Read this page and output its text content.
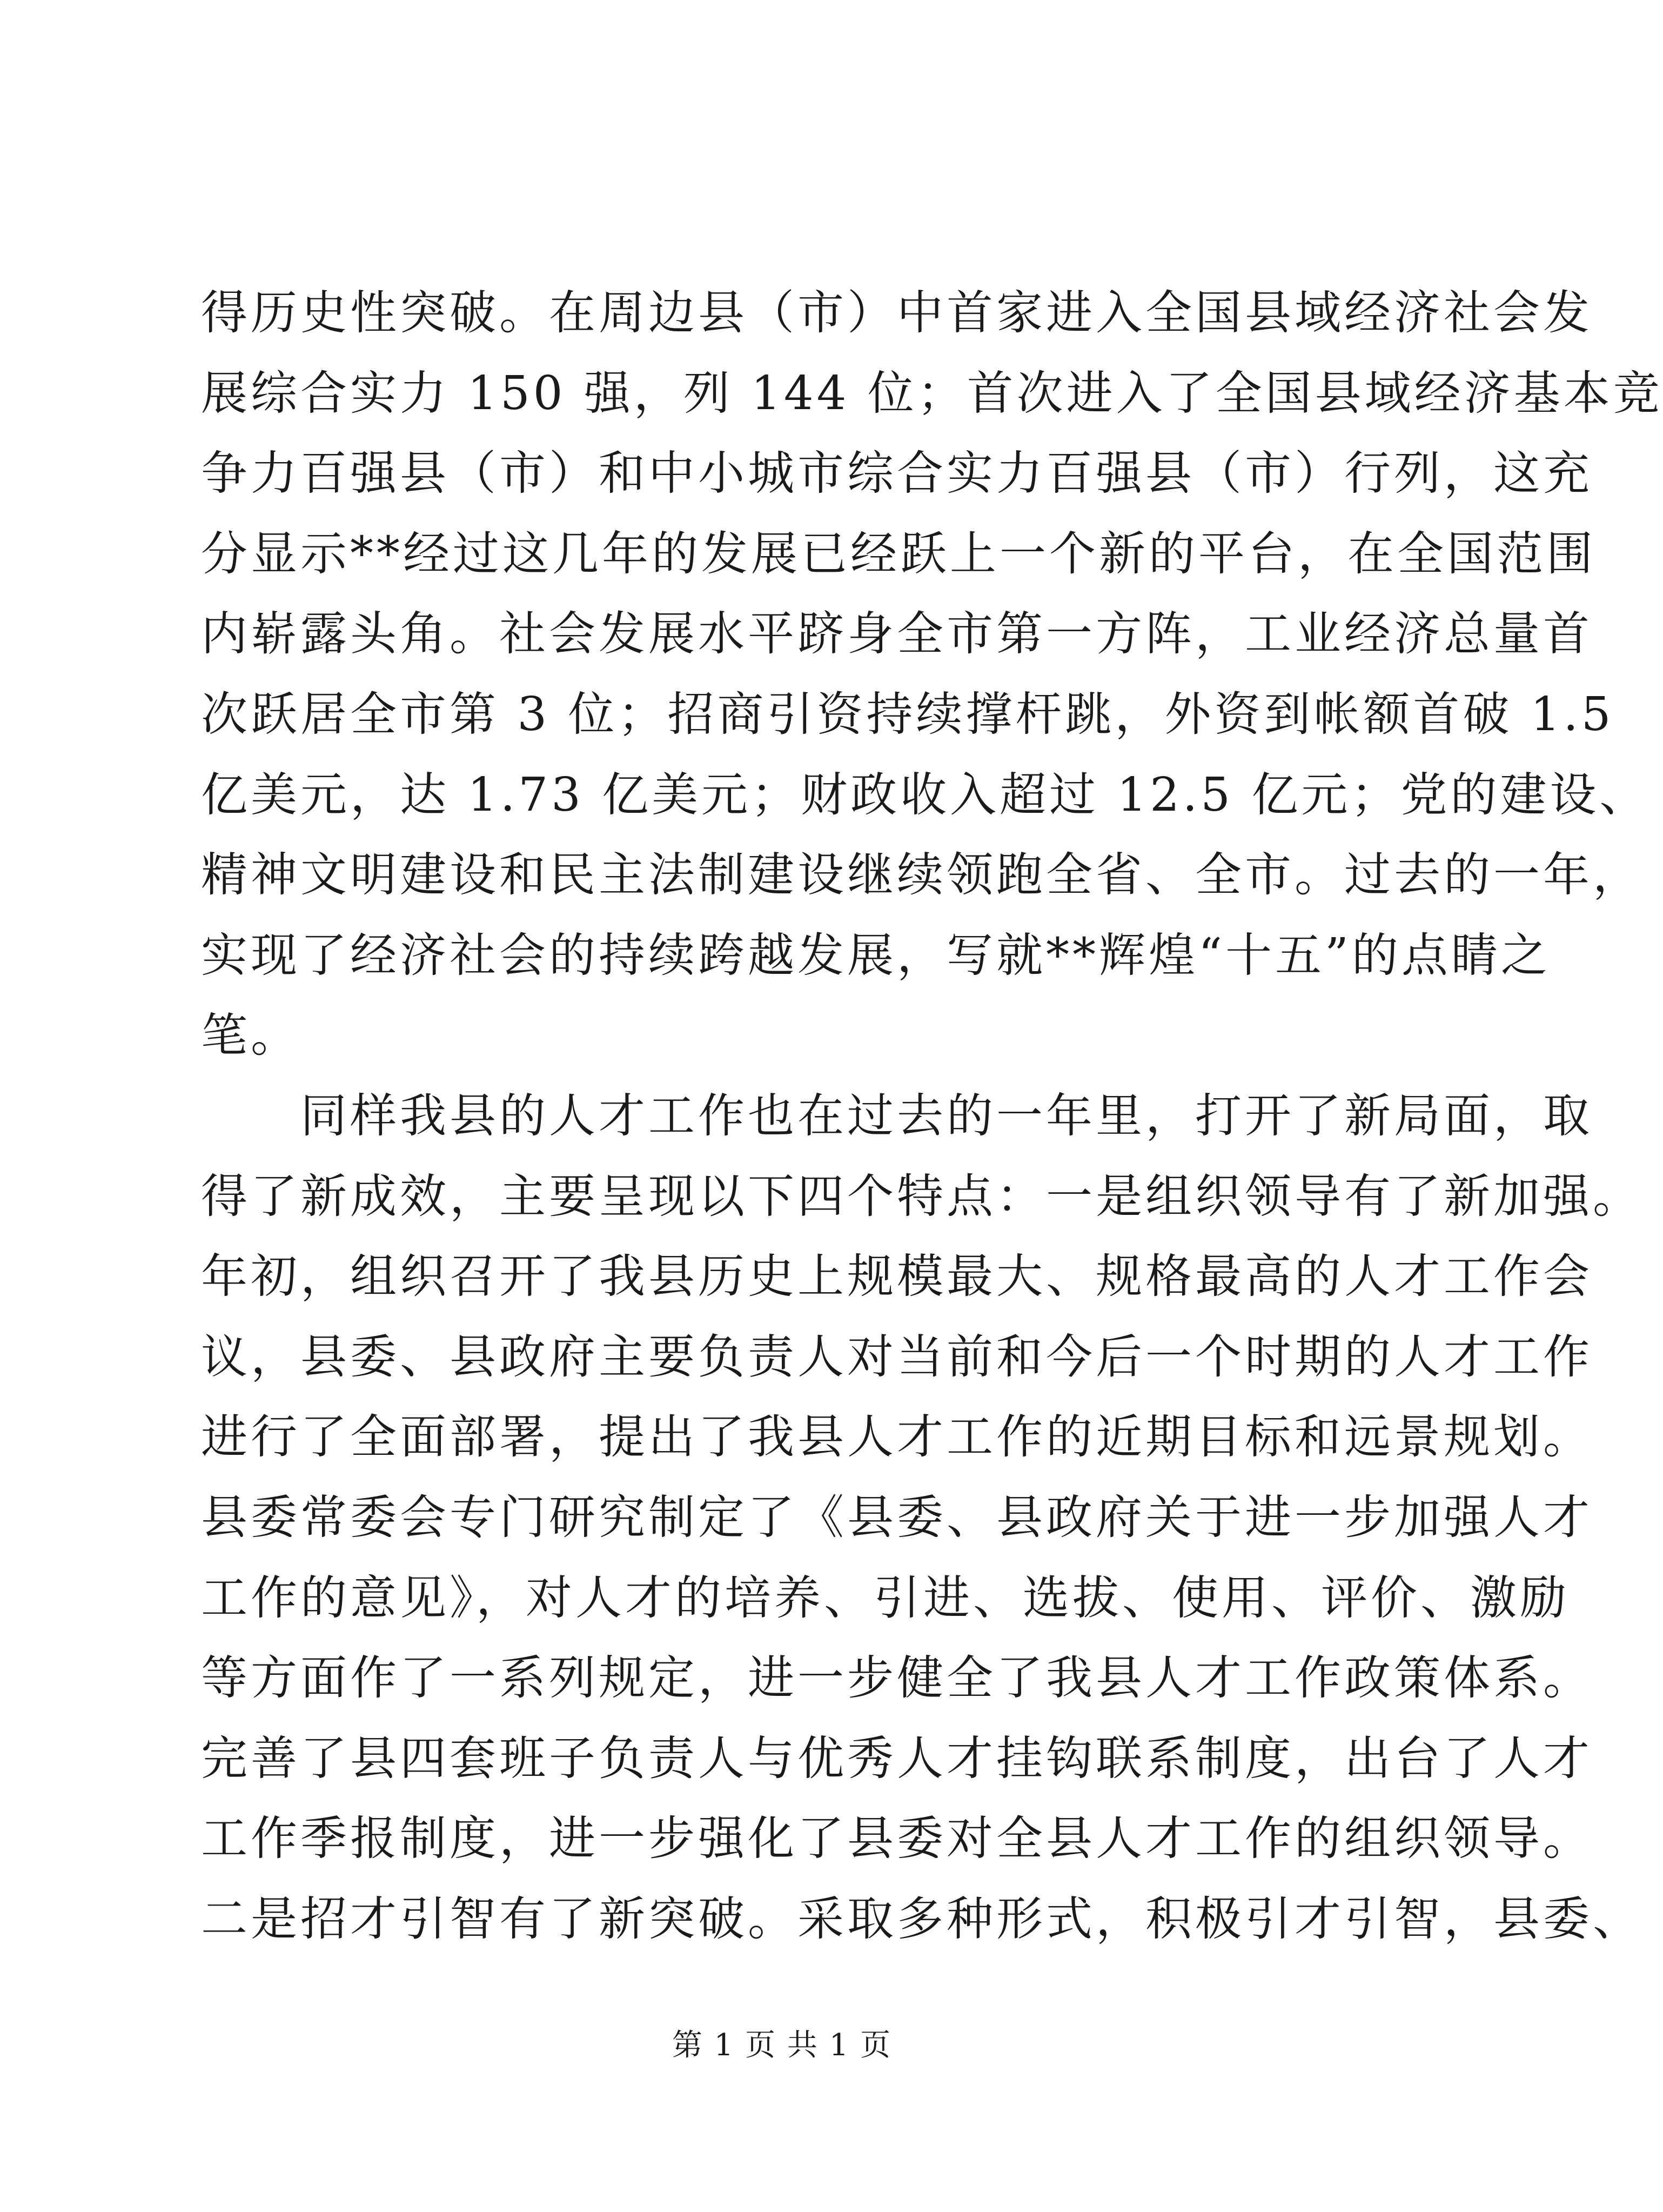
得历史性突破。在周边县（市）中首家进入全国县域经济社会发
展综合实力 150 强，列 144 位；首次进入了全国县域经济基本竞
争力百强县（市）和中小城市综合实力百强县（市）行列，这充
分显示**经过这几年的发展已经跃上一个新的平台，在全国范围
内崭露头角。社会发展水平跻身全市第一方阵，工业经济总量首
次跃居全市第 3 位；招商引资持续撑杆跳，外资到帐额首破 1.5
亿美元，达 1.73 亿美元；财政收入超过 12.5 亿元；党的建设、
精神文明建设和民主法制建设继续领跑全省、全市。过去的一年，
实现了经济社会的持续跨越发展，写就**辉煌“十五”的点睛之
笔。
　　同样我县的人才工作也在过去的一年里，打开了新局面，取
得了新成效，主要呈现以下四个特点：一是组织领导有了新加强。
年初，组织召开了我县历史上规模最大、规格最高的人才工作会
议，县委、县政府主要负责人对当前和今后一个时期的人才工作
进行了全面部署，提出了我县人才工作的近期目标和远景规划。
县委常委会专门研究制定了《县委、县政府关于进一步加强人才
工作的意见》，对人才的培养、引进、选拔、使用、评价、激励
等方面作了一系列规定，进一步健全了我县人才工作政策体系。
完善了县四套班子负责人与优秀人才挂钩联系制度，出台了人才
工作季报制度，进一步强化了县委对全县人才工作的组织领导。
二是招才引智有了新突破。采取多种形式，积极引才引智，县委、
第 1 页 共 1 页
